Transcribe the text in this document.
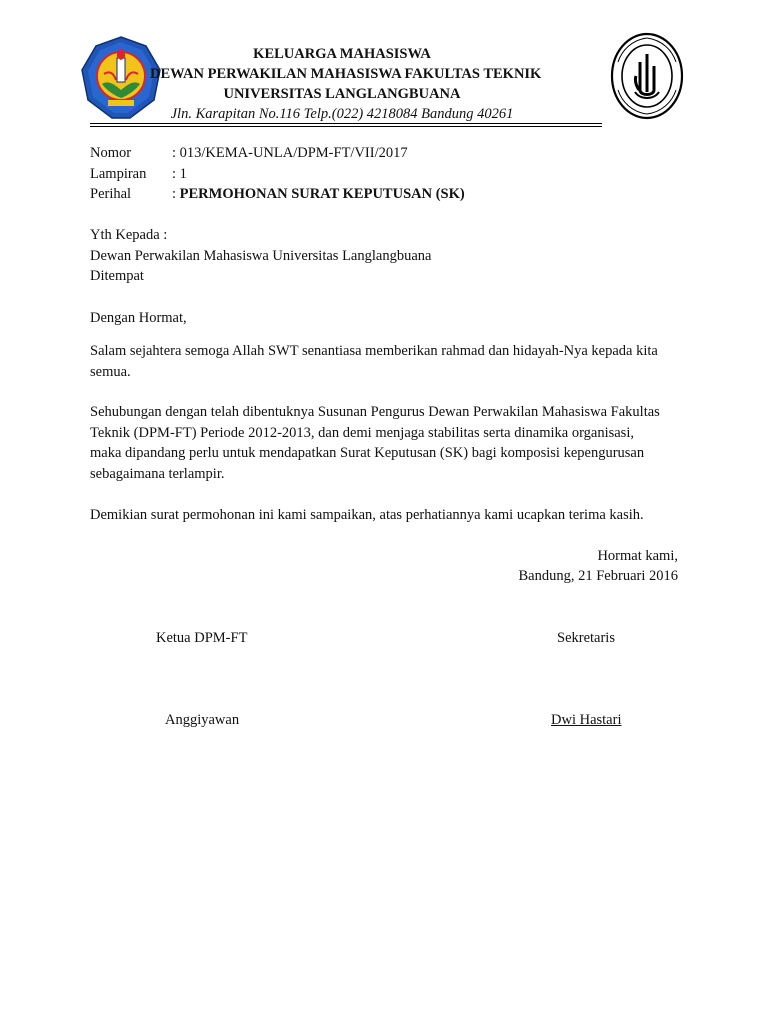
KELUARGA MAHASISWA
DEWAN PERWAKILAN MAHASISWA FAKULTAS TEKNIK
UNIVERSITAS LANGLANGBUANA
Jln. Karapitan No.116 Telp.(022) 4218084 Bandung 40261
Nomor	: 013/KEMA-UNLA/DPM-FT/VII/2017
Lampiran	: 1
Perihal	: PERMOHONAN SURAT KEPUTUSAN (SK)
Yth Kepada :
Dewan Perwakilan Mahasiswa Universitas Langlangbuana
Ditempat
Dengan Hormat,
Salam sejahtera semoga Allah SWT senantiasa memberikan rahmad dan hidayah-Nya kepada kita semua.
Sehubungan dengan telah dibentuknya Susunan Pengurus Dewan Perwakilan Mahasiswa Fakultas Teknik (DPM-FT) Periode 2012-2013, dan demi menjaga stabilitas serta dinamika organisasi, maka dipandang perlu untuk mendapatkan Surat Keputusan (SK) bagi komposisi kepengurusan sebagaimana terlampir.
Demikian surat permohonan ini kami sampaikan, atas perhatiannya kami ucapkan terima kasih.
Hormat kami,
Bandung, 21 Februari 2016
Ketua DPM-FT	Sekretaris
Anggiyawan	Dwi Hastari
